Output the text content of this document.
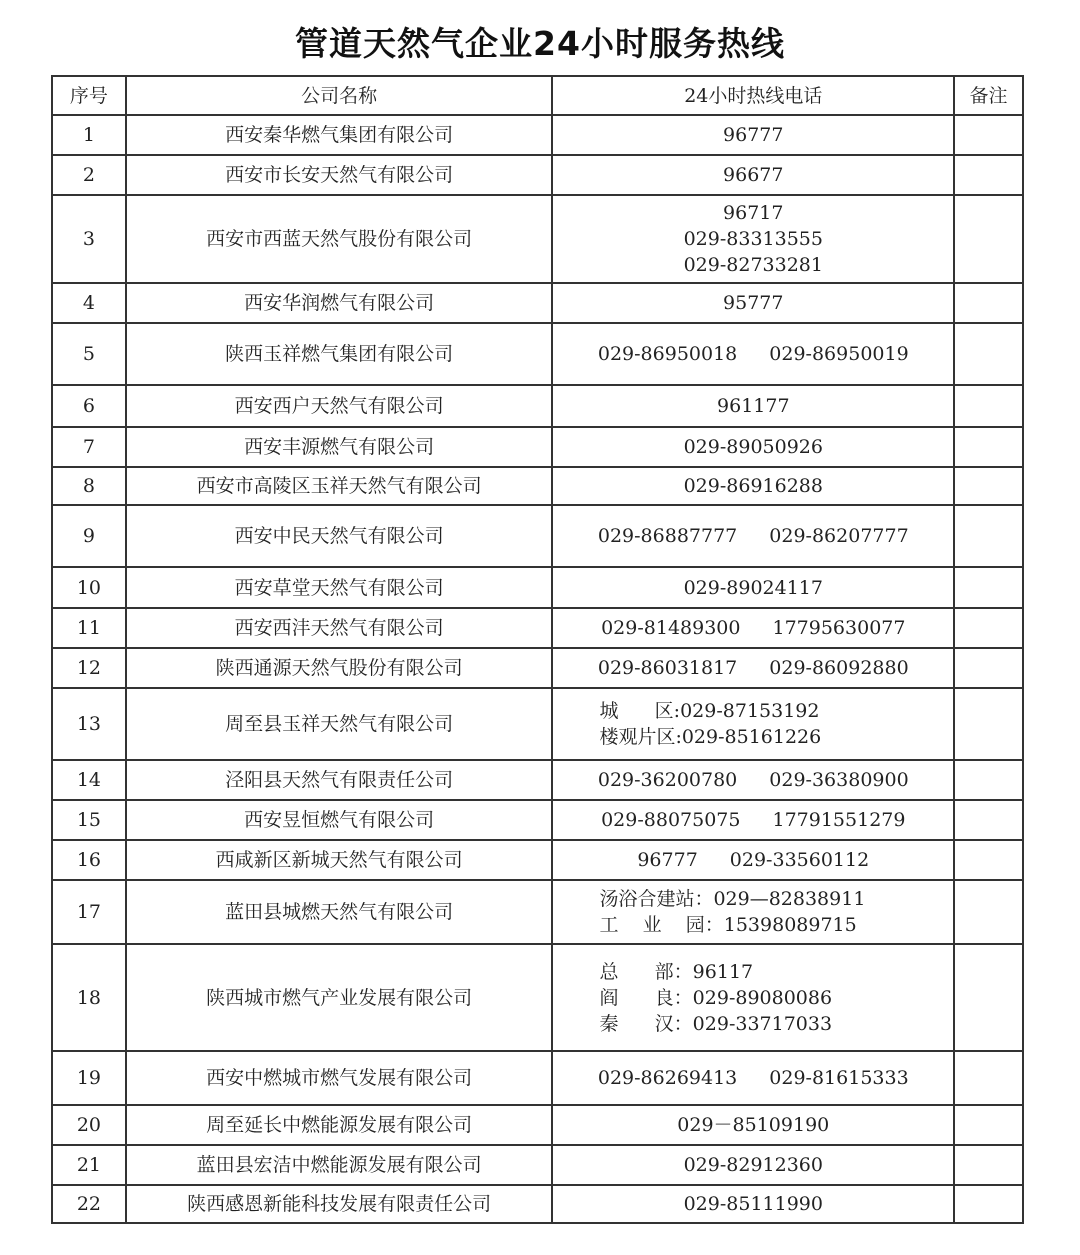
管道天然气企业24小时服务热线
序号	公司名称	24小时热线电话	备注
1	西安秦华燃气集团有限公司	96777	

2	西安市长安天然气有限公司	96677	

3	西安市西蓝天然气股份有限公司	96717
029-83313555
029-82733281	

4	西安华润燃气有限公司	95777	

5	陕西玉祥燃气集团有限公司	029-86950018 029-86950019	
6	西安西户天然气有限公司	961177	

7	西安丰源燃气有限公司	029-89050926	

8	西安市高陵区玉祥天然气有限公司	029-86916288	

9	西安中民天然气有限公司	029-86887777 029-86207777	
10	西安草堂天然气有限公司	029-89024117	

11	西安西沣天然气有限公司	029-81489300 17795630077	
12	陕西通源天然气股份有限公司	029-86031817 029-86092880	
13	周至县玉祥天然气有限公司	城      区:029-87153192
楼观片区:029-85161226	

14	泾阳县天然气有限责任公司	029-36200780 029-36380900	
15	西安昱恒燃气有限公司	029-88075075 17791551279	
16	西咸新区新城天然气有限公司	96777 029-33560112	
17	蓝田县城燃天然气有限公司	汤浴合建站：029—82838911
工    业    园：15398089715	

18	陕西城市燃气产业发展有限公司	总      部：96117
阎      良：029-89080086
秦      汉：029-33717033	

19	西安中燃城市燃气发展有限公司	029-86269413 029-81615333	
20	周至延长中燃能源发展有限公司	029－85109190	

21	蓝田县宏洁中燃能源发展有限公司	029-82912360	

22	陕西感恩新能科技发展有限责任公司	029-85111990	
